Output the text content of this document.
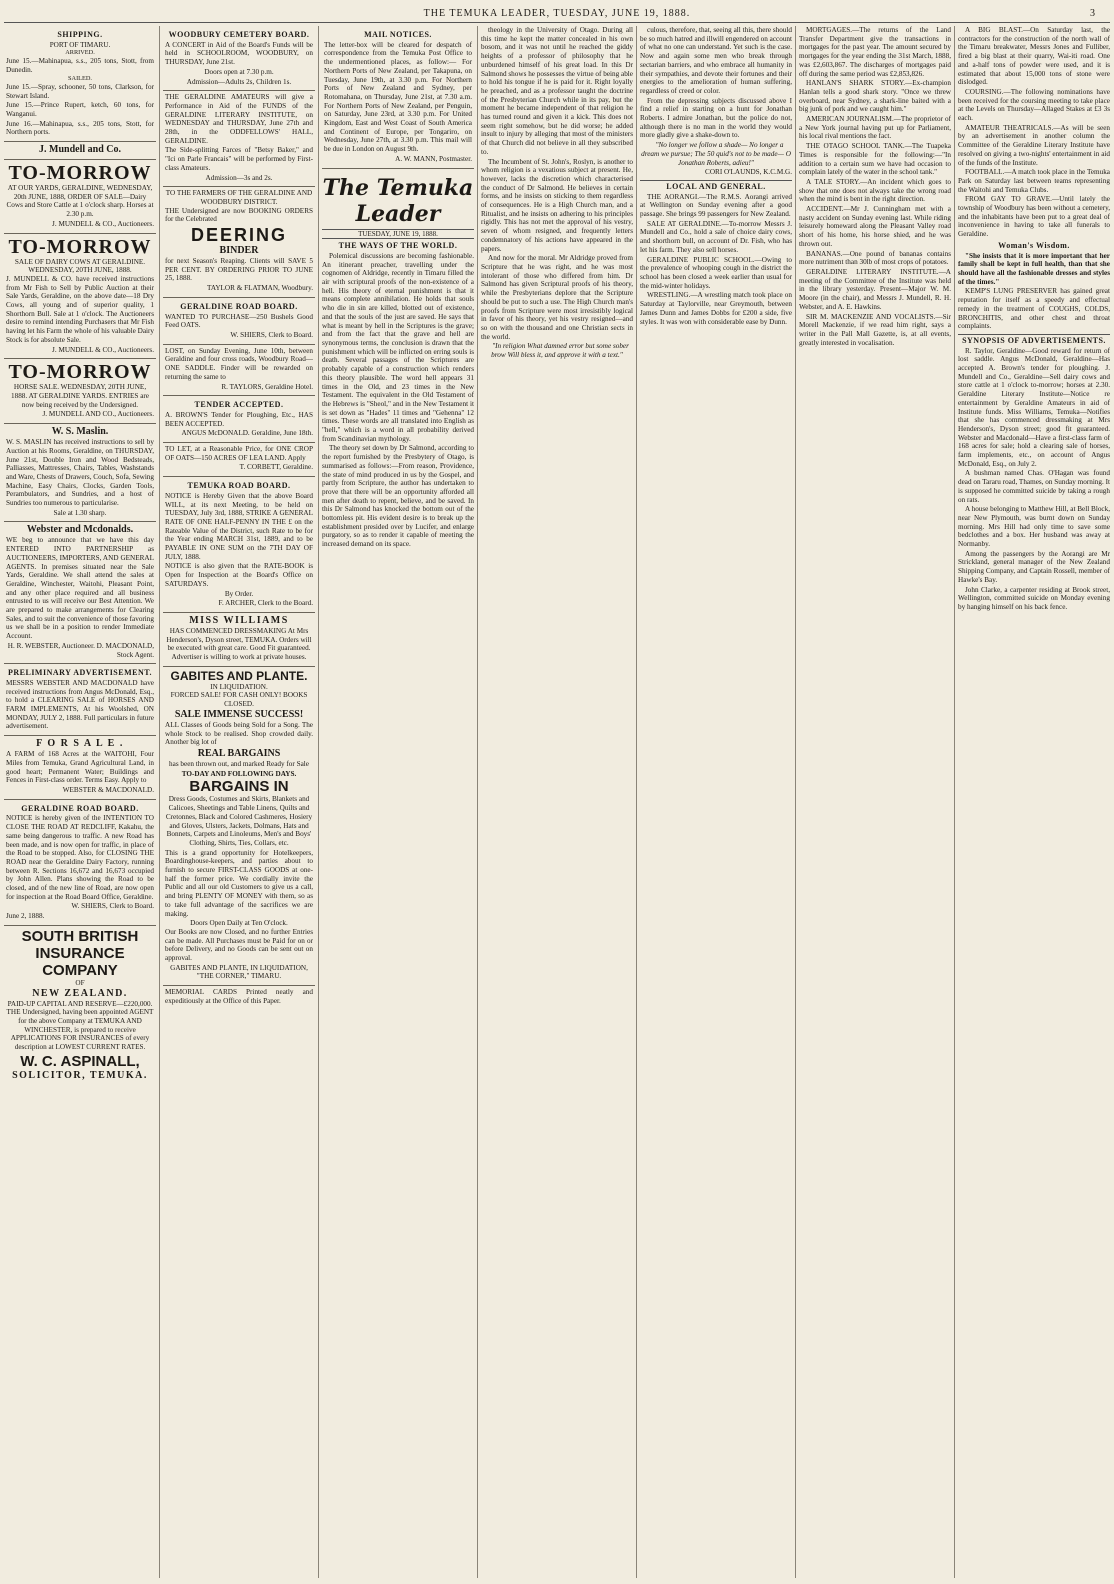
THE TEMUKA LEADER, TUESDAY, JUNE 19, 1888.	3
SHIPPING.
PORT OF TIMARU.
ARRIVED.

June 15.—Mahinapua, s.s., 205 tons, Stott, from Dunedin.

SAILED.

June 15.—Spray, schooner, 50 tons, Clarkson, for Stewart Island.

June 15.—Prince Rupert, ketch, 60 tons, for Wanganui.

June 16.—Mahinapua, s.s., 205 tons, Stott, for Northern ports.

J. Mundell and Co.
TO-MORROW

AT OUR YARDS, GERALDINE, WEDNESDAY, 20th JUNE, 1888, ORDER OF SALE—Dairy Cows and Store Cattle at 1 o'clock sharp. Horses at 2.30 p.m.

J. MUNDELL & CO., Auctioneers.

TO-MORROW
SALE OF DAIRY COWS AT GERALDINE.
WEDNESDAY, 20TH JUNE, 1888.

J. MUNDELL & CO. have received instructions from Mr Fish to Sell by Public Auction at their Sale Yards, Geraldine, on the above date—18 Dry Cows, all young and of superior quality, 1 Shorthorn Bull. Sale at 1 o'clock. The Auctioneers desire to remind intending Purchasers that Mr Fish having let his Farm the whole of his valuable Dairy Stock is for absolute Sale.

J. MUNDELL & CO., Auctioneers.

TO-MORROW

HORSE SALE. WEDNESDAY, 20TH JUNE, 1888. AT GERALDINE YARDS. ENTRIES are now being received by the Undersigned.

J. MUNDELL AND CO., Auctioneers.

W. S. Maslin.

W. S. MASLIN has received instructions to sell by Auction at his Rooms, Geraldine, on THURSDAY, June 21st, Double Iron and Wood Bedsteads, Palliasses, Mattresses, Chairs, Tables, Washstands and Ware, Chests of Drawers, Couch, Sofa, Sewing Machine, Easy Chairs, Clocks, Garden Tools, Perambulators, and Sundries, and a host of Sundries too numerous to particularise.

Sale at 1.30 sharp.

Webster and Mcdonalds.

WE beg to announce that we have this day ENTERED INTO PARTNERSHIP as AUCTIONEERS, IMPORTERS, AND GENERAL AGENTS. In premises situated near the Sale Yards, Geraldine. We shall attend the sales at Geraldine, Winchester, Waitohi, Pleasant Point, and any other place required and all business entrusted to us will receive our Best Attention. We are prepared to make arrangements for Clearing Sales, and to suit the convenience of those favoring us we shall be in a position to render Immediate Account.

H. R. WEBSTER, Auctioneer. D. MACDONALD, Stock Agent.

PRELIMINARY ADVERTISEMENT.

MESSRS WEBSTER AND MACDONALD have received instructions from Angus McDonald, Esq., to hold a CLEARING SALE of HORSES AND FARM IMPLEMENTS, At his Woolshed, ON MONDAY, JULY 2, 1888. Full particulars in future advertisement.

F O R S A L E .

A FARM of 168 Acres at the WAITOHI, Four Miles from Temuka, Grand Agricultural Land, in good heart; Permanent Water; Buildings and Fences in First-class order. Terms Easy. Apply to

WEBSTER & MACDONALD.

GERALDINE ROAD BOARD.

NOTICE is hereby given of the INTENTION TO CLOSE THE ROAD AT REDCLIFF, Kakahu, the same being dangerous to traffic. A new Road has been made, and is now open for traffic, in place of the Road to be stopped. Also, for CLOSING THE ROAD near the Geraldine Dairy Factory, running between R. Sections 16,672 and 16,673 occupied by John Allen. Plans showing the Road to be closed, and of the new line of Road, are now open for inspection at the Road Board Office, Geraldine.

W. SHIERS, Clerk to Board.

June 2, 1888.

SOUTH BRITISH INSURANCE
COMPANY
OF
NEW ZEALAND.
PAID-UP CAPITAL AND RESERVE—£220,000.

THE Undersigned, having been appointed AGENT for the above Company at TEMUKA AND WINCHESTER, is prepared to receive APPLICATIONS FOR INSURANCES of every description at LOWEST CURRENT RATES.

W. C. ASPINALL,
SOLICITOR, TEMUKA.
WOODBURY CEMETERY BOARD.

A CONCERT in Aid of the Board's Funds will be held in SCHOOLROOM, WOODBURY, on THURSDAY, June 21st.

Doors open at 7.30 p.m.

Admission—Adults 2s, Children 1s.

THE GERALDINE AMATEURS will give a Performance in Aid of the FUNDS of the GERALDINE LITERARY INSTITUTE, on WEDNESDAY and THURSDAY, June 27th and 28th, in the ODDFELLOWS' HALL, GERALDINE.

The Side-splitting Farces of "Betsy Baker," and "Ici on Parle Francais" will be performed by First-class Amateurs.

Admission—3s and 2s.

TO THE FARMERS OF THE GERALDINE AND WOODBURY DISTRICT.

THE Undersigned are now BOOKING ORDERS for the Celebrated

DEERING
BINDER

for next Season's Reaping. Clients will SAVE 5 PER CENT. BY ORDERING PRIOR TO JUNE 25, 1888.

TAYLOR & FLATMAN, Woodbury.

GERALDINE ROAD BOARD.

WANTED TO PURCHASE—250 Bushels Good Feed OATS.

W. SHIERS, Clerk to Board.

LOST, on Sunday Evening, June 10th, between Geraldine and four cross roads, Woodbury Road—ONE SADDLE. Finder will be rewarded on returning the same to

R. TAYLORS, Geraldine Hotel.

TENDER ACCEPTED.

A. BROWN'S Tender for Ploughing, Etc., HAS BEEN ACCEPTED.

ANGUS McDONALD. Geraldine, June 18th.

TO LET, at a Reasonable Price, for ONE CROP OF OATS—150 ACRES OF LEA LAND. Apply

T. CORBETT, Geraldine.

TEMUKA ROAD BOARD.

NOTICE is Hereby Given that the above Board WILL, at its next Meeting, to be held on TUESDAY, July 3rd, 1888, STRIKE A GENERAL RATE OF ONE HALF-PENNY IN THE £ on the Rateable Value of the District, such Rate to be for the Year ending MARCH 31st, 1889, and to be PAYABLE IN ONE SUM on the 7TH DAY OF JULY, 1888.

NOTICE is also given that the RATE-BOOK is Open for Inspection at the Board's Office on SATURDAYS.

By Order.

F. ARCHER, Clerk to the Board.

MISS WILLIAMS

HAS COMMENCED DRESSMAKING At Mrs Henderson's, Dyson street, TEMUKA. Orders will be executed with great care. Good Fit guaranteed. Advertiser is willing to work at private houses.

GABITES AND PLANTE.
IN LIQUIDATION.
FORCED SALE! FOR CASH ONLY! BOOKS CLOSED.
SALE IMMENSE SUCCESS!

ALL Classes of Goods being Sold for a Song. The whole Stock to be realised. Shop crowded daily. Another big lot of

REAL BARGAINS

has been thrown out, and marked Ready for Sale

TO-DAY AND FOLLOWING DAYS.
BARGAINS IN

Dress Goods, Costumes and Skirts, Blankets and Calicoes, Sheetings and Table Linens, Quilts and Cretonnes, Black and Colored Cashmeres, Hosiery and Gloves, Ulsters, Jackets, Dolmans, Hats and Bonnets, Carpets and Linoleums, Men's and Boys' Clothing, Shirts, Ties, Collars, etc.

This is a grand opportunity for Hotelkeepers, Boardinghouse-keepers, and parties about to furnish to secure FIRST-CLASS GOODS at one-half the former price. We cordially invite the Public and all our old Customers to give us a call, and bring PLENTY OF MONEY with them, so as to take full advantage of the sacrifices we are making.

Doors Open Daily at Ten O'clock.

Our Books are now Closed, and no further Entries can be made. All Purchases must be Paid for on or before Delivery, and no Goods can be sent out on approval.

GABITES AND PLANTE, IN LIQUIDATION, "THE CORNER," TIMARU.

MEMORIAL CARDS Printed neatly and expeditiously at the Office of this Paper.

MAIL NOTICES.

The letter-box will be cleared for despatch of correspondence from the Temuka Post Office to the undermentioned places, as follow:— For Northern Ports of New Zealand, per Takapuna, on Tuesday, June 19th, at 3.30 p.m. For Northern Ports of New Zealand and Sydney, per Rotomahana, on Thursday, June 21st, at 7.30 a.m. For Northern Ports of New Zealand, per Penguin, on Saturday, June 23rd, at 3.30 p.m. For United Kingdom, East and West Coast of South America and Continent of Europe, per Tongariro, on Wednesday, June 27th, at 3.30 p.m. This mail will be due in London on August 9th.

A. W. MANN, Postmaster.

The Temuka Leader
TUESDAY, JUNE 19, 1888.
THE WAYS OF THE WORLD.

Polemical discussions are becoming fashionable. An itinerant preacher, travelling under the cognomen of Aldridge, recently in Timaru filled the air with scriptural proofs of the non-existence of a hell. His theory of eternal punishment is that it means complete annihilation. He holds that souls who die in sin are killed, blotted out of existence, and that the souls of the just are saved. He says that what is meant by hell in the Scriptures is the grave; and from the fact that the grave and hell are synonymous terms, the conclusion is drawn that the punishment which will be inflicted on erring souls is death. Several passages of the Scriptures are probably capable of a construction which renders this theory plausible. The word hell appears 31 times in the Old, and 23 times in the New Testament. The equivalent in the Old Testament of the Hebrews is "Sheol," and in the New Testament it is set down as "Hades" 11 times and "Gehenna" 12 times. These words are all translated into English as "hell," which is a word in all probability derived from Scandinavian mythology.

The theory set down by Dr Salmond, according to the report furnished by the Presbytery of Otago, is summarised as follows:—From reason, Providence, the state of mind produced in us by the Gospel, and partly from Scripture, the author has undertaken to prove that there will be an opportunity afforded all men after death to repent, believe, and be saved. In this Dr Salmond has knocked the bottom out of the bottomless pit. His evident desire is to break up the establishment presided over by Lucifer, and enlarge purgatory, so as to render it capable of meeting the increased demand on its space.

theology in the University of Otago. During all this time he kept the matter concealed in his own bosom, and it was not until he reached the giddy heights of a professor of philosophy that he unburdened himself of his great load. In this Dr Salmond shows he possesses the virtue of being able to hold his tongue if he is paid for it. Right loyally he preached, and as a professor taught the doctrine of the Presbyterian Church while in its pay, but the moment he became independent of that religion he has turned round and given it a kick. This does not seem right somehow, but he did worse; he added insult to injury by alleging that most of the ministers of that Church did not believe in all they subscribed to.

The Incumbent of St. John's, Roslyn, is another to whom religion is a vexatious subject at present. He, however, lacks the discretion which characterised the conduct of Dr Salmond. He believes in certain forms, and he insists on sticking to them regardless of consequences. He is a High Church man, and a Ritualist, and he insists on adhering to his principles rigidly. This has not met the approval of his vestry, seven of whom resigned, and frequently letters condemnatory of his actions have appeared in the papers.

And now for the moral. Mr Aldridge proved from Scripture that he was right, and he was most intolerant of those who differed from him. Dr Salmond has given Scriptural proofs of his theory, while the Presbyterians deplore that the Scripture should be put to such a use. The High Church man's proofs from Scripture were most irresistibly logical in favor of his theory, yet his vestry resigned—and so on with the thousand and one Christian sects in the world.

"In religion What damned error but some sober brow Will bless it, and approve it with a text."

culous, therefore, that, seeing all this, there should be so much hatred and illwill engendered on account of what no one can understand. Yet such is the case. Now and again some men who break through sectarian barriers, and who embrace all humanity in their sympathies, and devote their fortunes and their energies to the amelioration of human suffering, regardless of creed or color.

From the depressing subjects discussed above I find a relief in starting on a hunt for Jonathan Roberts. I admire Jonathan, but the police do not, although there is no man in the world they would more gladly give a shake-down to.

"No longer we follow a shade— No longer a dream we pursue; The 50 quid's not to be made— O Jonathan Roberts, adieu!"

CORI O'LAUNDS, K.C.M.G.

LOCAL AND GENERAL.

THE AORANGI.—The R.M.S. Aorangi arrived at Wellington on Sunday evening after a good passage. She brings 99 passengers for New Zealand.

SALE AT GERALDINE.—To-morrow Messrs J. Mundell and Co., hold a sale of choice dairy cows, and shorthorn bull, on account of Dr. Fish, who has let his farm. They also sell horses.

GERALDINE PUBLIC SCHOOL.—Owing to the prevalence of whooping cough in the district the school has been closed a week earlier than usual for the mid-winter holidays.

WRESTLING.—A wrestling match took place on Saturday at Taylorville, near Greymouth, between James Dunn and James Dobbs for £200 a side, five styles. It was won with considerable ease by Dunn.

MORTGAGES.—The returns of the Land Transfer Department give the transactions in mortgages for the past year. The amount secured by mortgages for the year ending the 31st March, 1888, was £2,603,867. The discharges of mortgages paid off during the same period was £2,853,826.

HANLAN'S SHARK STORY.—Ex-champion Hanlan tells a good shark story. "Once we threw overboard, near Sydney, a shark-line baited with a big junk of pork and we caught him."

AMERICAN JOURNALISM.—The proprietor of a New York journal having put up for Parliament, his local rival mentions the fact.

THE OTAGO SCHOOL TANK.—The Tuapeka Times is responsible for the following:—"In addition to a certain sum we have had occasion to complain lately of the water in the school tank."

A TALE STORY.—An incident which goes to show that one does not always take the wrong road when the mind is bent in the right direction.

ACCIDENT.—Mr J. Cunningham met with a nasty accident on Sunday evening last. While riding leisurely homeward along the Pleasant Valley road short of his home, his horse shied, and he was thrown out.

BANANAS.—One pound of bananas contains more nutriment than 30lb of most crops of potatoes.

GERALDINE LITERARY INSTITUTE.—A meeting of the Committee of the Institute was held in the library yesterday. Present—Major W. M. Moore (in the chair), and Messrs J. Mundell, R. H. Webster, and A. E. Hawkins.

SIR M. MACKENZIE AND VOCALISTS.—Sir Morell Mackenzie, if we read him right, says a writer in the Pall Mall Gazette, is, at all events, greatly interested in vocalisation.

A BIG BLAST.—On Saturday last, the contractors for the construction of the north wall of the Timaru breakwater, Messrs Jones and Fulliber, fired a big blast at their quarry, Wai-iti road. One and a-half tons of powder were used, and it is estimated that about 15,000 tons of stone were dislodged.

COURSING.—The following nominations have been received for the coursing meeting to take place at the Levels on Thursday—Allaged Stakes at £3 3s each.

AMATEUR THEATRICALS.—As will be seen by an advertisement in another column the Committee of the Geraldine Literary Institute have resolved on giving a two-nights' entertainment in aid of the funds of the Institute.

FOOTBALL.—A match took place in the Temuka Park on Saturday last between teams representing the Waitohi and Temuka Clubs.

FROM GAY TO GRAVE.—Until lately the township of Woodbury has been without a cemetery, and the inhabitants have been put to a great deal of inconvenience in having to take all funerals to Geraldine.

Woman's Wisdom.

"She insists that it is more important that her family shall be kept in full health, than that she should have all the fashionable dresses and styles of the times."

KEMP'S LUNG PRESERVER has gained great reputation for itself as a speedy and effectual remedy in the treatment of COUGHS, COLDS, BRONCHITIS, and other chest and throat complaints.

SYNOPSIS OF ADVERTISEMENTS.

R. Taylor, Geraldine—Good reward for return of lost saddle. Angus McDonald, Geraldine—Has accepted A. Brown's tender for ploughing. J. Mundell and Co., Geraldine—Sell dairy cows and store cattle at 1 o'clock to-morrow; horses at 2.30. Geraldine Literary Institute—Notice re entertainment by Geraldine Amateurs in aid of Institute funds. Miss Williams, Temuka—Notifies that she has commenced dressmaking at Mrs Henderson's, Dyson street; good fit guaranteed. Webster and Macdonald—Have a first-class farm of 168 acres for sale; hold a clearing sale of horses, farm implements, etc., on account of Angus McDonald, Esq., on July 2.

A bushman named Chas. O'Hagan was found dead on Tararu road, Thames, on Sunday morning. It is supposed he committed suicide by taking a rough on rats.

A house belonging to Matthew Hill, at Bell Block, near New Plymouth, was burnt down on Sunday morning. Mrs Hill had only time to save some bedclothes and a box. Her husband was away at Normanby.

Among the passengers by the Aorangi are Mr Strickland, general manager of the New Zealand Shipping Company, and Captain Rossell, member of Hawke's Bay.

John Clarke, a carpenter residing at Brook street, Wellington, committed suicide on Monday evening by hanging himself on his back fence.
